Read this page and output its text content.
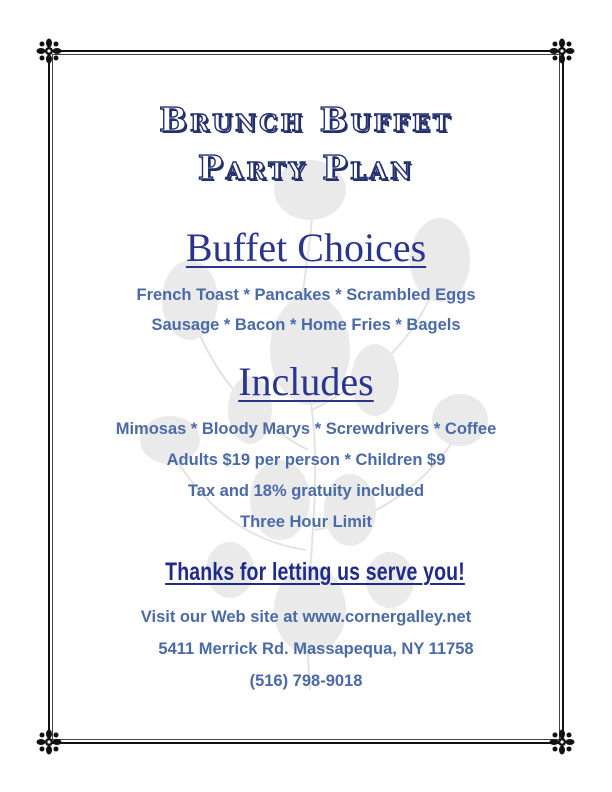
Brunch Buffet
Party Plan
Buffet Choices
French Toast * Pancakes * Scrambled Eggs
Sausage * Bacon * Home Fries * Bagels
Includes
Mimosas * Bloody Marys * Screwdrivers * Coffee
Adults $19 per person * Children $9
Tax and 18% gratuity included
Three Hour Limit
Thanks for letting us serve you!
Visit our Web site at www.cornergalley.net
5411 Merrick Rd. Massapequa, NY 11758
(516) 798-9018
